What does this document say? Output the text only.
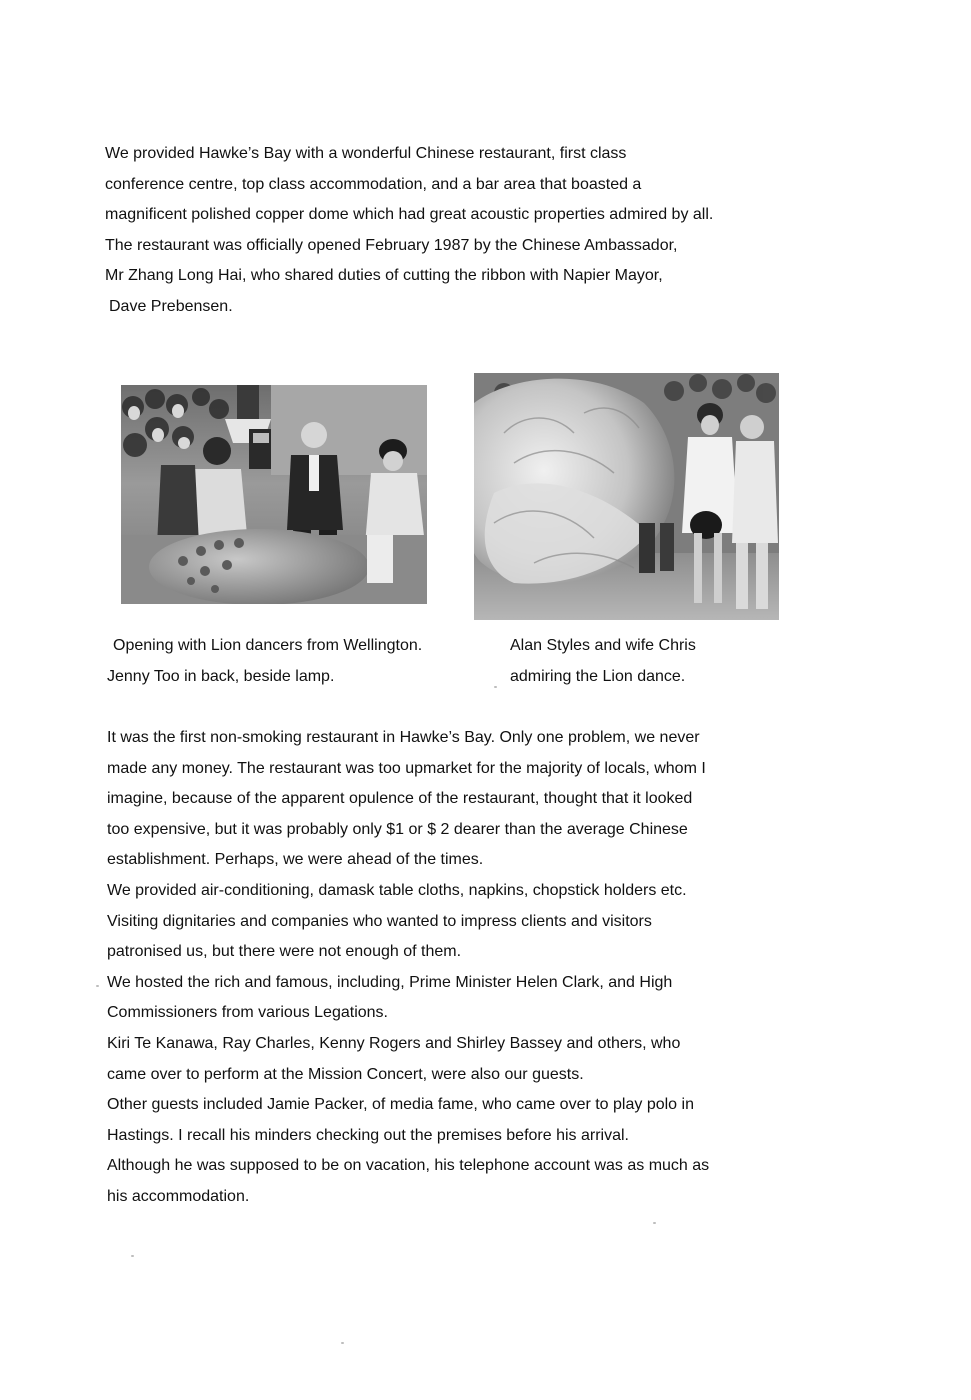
We provided Hawke’s Bay with a wonderful Chinese restaurant, first class
conference centre, top class accommodation, and a bar area that boasted a
magnificent polished copper dome which had great acoustic properties admired by all.
The restaurant was officially opened February 1987 by the Chinese Ambassador,
Mr Zhang Long Hai, who shared duties of cutting the ribbon with Napier Mayor,
Dave Prebensen.
Opening with Lion dancers from Wellington.
Jenny Too in back, beside lamp.
Alan Styles and wife Chris
admiring the Lion dance.
It was the first non-smoking restaurant in Hawke’s Bay. Only one problem, we never
made any money. The restaurant was too upmarket for the majority of locals, whom I
imagine, because of the apparent opulence of the restaurant, thought that it looked
too expensive, but it was probably only $1 or $ 2 dearer than the average Chinese
establishment. Perhaps, we were ahead of the times.
We provided air-conditioning, damask table cloths, napkins, chopstick holders etc.
Visiting dignitaries and companies who wanted to impress clients and visitors
patronised us, but there were not enough of them.
We hosted the rich and famous, including, Prime Minister Helen Clark, and High
Commissioners from various Legations.
Kiri Te Kanawa, Ray Charles, Kenny Rogers and Shirley Bassey and others, who
came over to perform at the Mission Concert, were also our guests.
Other guests included Jamie Packer, of media fame, who came over to play polo in
Hastings. I recall his minders checking out the premises before his arrival.
Although he was supposed to be on vacation, his telephone account was as much as
his accommodation.
